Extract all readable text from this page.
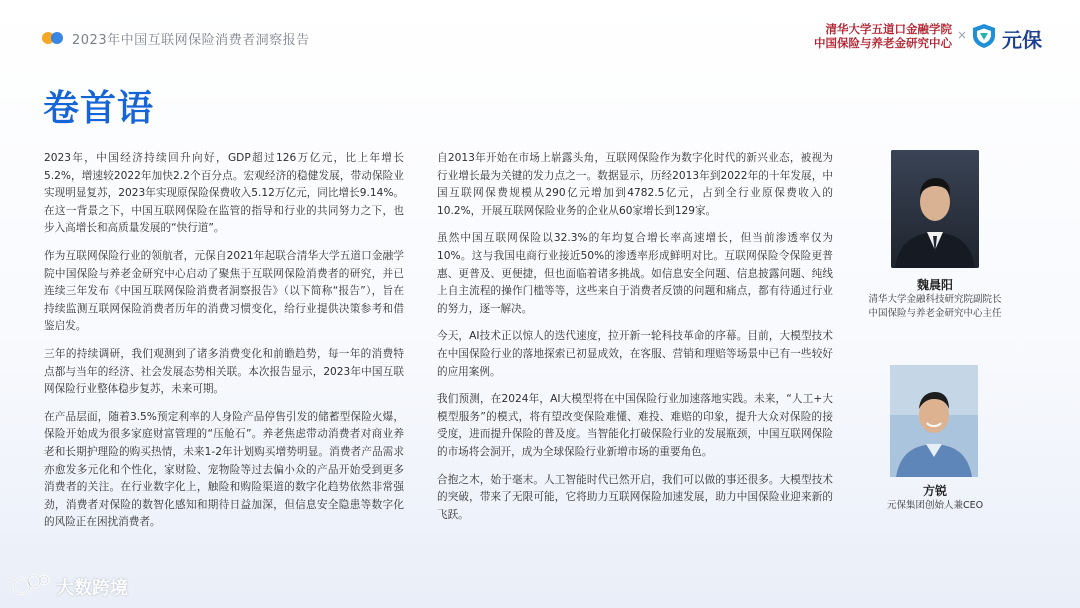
2023年中国互联网保险消费者洞察报告
清华大学五道口金融学院
中国保险与养老金研究中心
× 元保
卷首语

2023年，中国经济持续回升向好，GDP超过126万亿元，比上年增长5.2%，增速较2022年加快2.2个百分点。宏观经济的稳健发展，带动保险业实现明显复苏，2023年实现原保险保费收入5.12万亿元，同比增长9.14%。在这一背景之下，中国互联网保险在监管的指导和行业的共同努力之下，也步入高增长和高质量发展的“快行道”。

作为互联网保险行业的领航者，元保自2021年起联合清华大学五道口金融学院中国保险与养老金研究中心启动了聚焦于互联网保险消费者的研究，并已连续三年发布《中国互联网保险消费者洞察报告》（以下简称“报告”），旨在持续监测互联网保险消费者历年的消费习惯变化，给行业提供决策参考和借鉴启发。

三年的持续调研，我们观测到了诸多消费变化和前瞻趋势，每一年的消费特点都与当年的经济、社会发展态势相关联。本次报告显示，2023年中国互联网保险行业整体稳步复苏，未来可期。

在产品层面，随着3.5%预定利率的人身险产品停售引发的储蓄型保险火爆，保险开始成为很多家庭财富管理的“压舱石”。养老焦虑带动消费者对商业养老和长期护理险的购买热情，未来1-2年计划购买增势明显。消费者产品需求亦愈发多元化和个性化，家财险、宠物险等过去偏小众的产品开始受到更多消费者的关注。在行业数字化上，触险和购险渠道的数字化趋势依然非常强劲，消费者对保险的数智化感知和期待日益加深，但信息安全隐患等数字化的风险正在困扰消费者。

自2013年开始在市场上崭露头角，互联网保险作为数字化时代的新兴业态，被视为行业增长最为关键的发力点之一。数据显示，历经2013年到2022年的十年发展，中国互联网保费规模从290亿元增加到4782.5亿元，占到全行业原保费收入的10.2%，开展互联网保险业务的企业从60家增长到129家。

虽然中国互联网保险以32.3%的年均复合增长率高速增长，但当前渗透率仅为10%。这与我国电商行业接近50%的渗透率形成鲜明对比。互联网保险令保险更普惠、更普及、更便捷，但也面临着诸多挑战。如信息安全问题、信息披露问题、纯线上自主流程的操作门槛等等，这些来自于消费者反馈的问题和痛点，都有待通过行业的努力，逐一解决。

今天，AI技术正以惊人的迭代速度，拉开新一轮科技革命的序幕。目前，大模型技术在中国保险行业的落地探索已初显成效，在客服、营销和理赔等场景中已有一些较好的应用案例。

我们预测，在2024年，AI大模型将在中国保险行业加速落地实践。未来，“人工+大模型服务”的模式，将有望改变保险难懂、难投、难赔的印象，提升大众对保险的接受度，进而提升保险的普及度。当智能化打破保险行业的发展瓶颈，中国互联网保险的市场将会洞开，成为全球保险行业新增市场的重要角色。

合抱之木，始于毫末。人工智能时代已然开启，我们可以做的事还很多。大模型技术的突破，带来了无限可能，它将助力互联网保险加速发展，助力中国保险业迎来新的飞跃。

魏晨阳
清华大学金融科技研究院副院长
中国保险与养老金研究中心主任
方锐
元保集团创始人兼CEO
大数跨境
